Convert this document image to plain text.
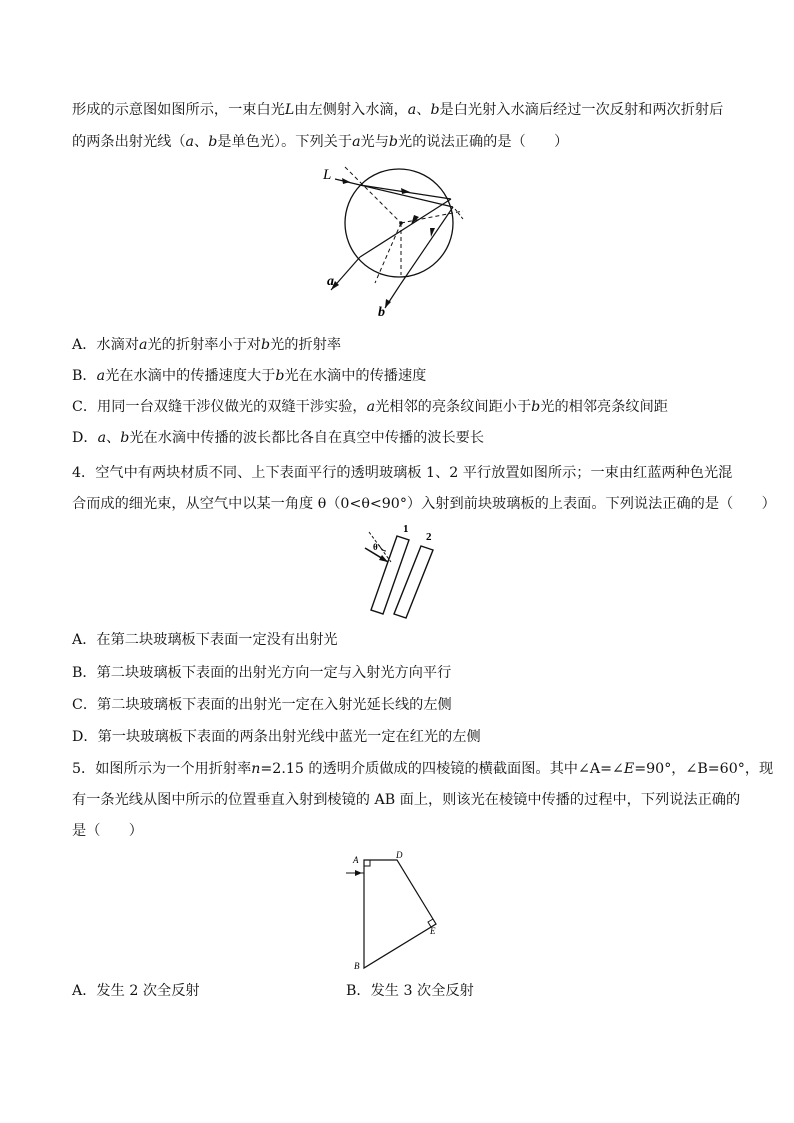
形成的示意图如图所示，一束白光L由左侧射入水滴，a、b是白光射入水滴后经过一次反射和两次折射后
的两条出射光线（a、b是单色光）。下列关于a光与b光的说法正确的是（　　）
L
a
b
A．水滴对a光的折射率小于对b光的折射率
B．a光在水滴中的传播速度大于b光在水滴中的传播速度
C．用同一台双缝干涉仪做光的双缝干涉实验，a光相邻的亮条纹间距小于b光的相邻亮条纹间距
D．a、b光在水滴中传播的波长都比各自在真空中传播的波长要长
4．空气中有两块材质不同、上下表面平行的透明玻璃板 1、2 平行放置如图所示；一束由红蓝两种色光混
合而成的细光束，从空气中以某一角度 θ（0<θ<90°）入射到前块玻璃板的上表面。下列说法正确的是（　　）
θ
1
2
A．在第二块玻璃板下表面一定没有出射光
B．第二块玻璃板下表面的出射光方向一定与入射光方向平行
C．第二块玻璃板下表面的出射光一定在入射光延长线的左侧
D．第一块玻璃板下表面的两条出射光线中蓝光一定在红光的左侧
5．如图所示为一个用折射率n=2.15 的透明介质做成的四棱镜的横截面图。其中∠A=∠E=90°，∠B=60°，现
有一条光线从图中所示的位置垂直入射到棱镜的 AB 面上，则该光在棱镜中传播的过程中，下列说法正确的
是（　　）
A	D
E
B
A．发生 2 次全反射	B．发生 3 次全反射
